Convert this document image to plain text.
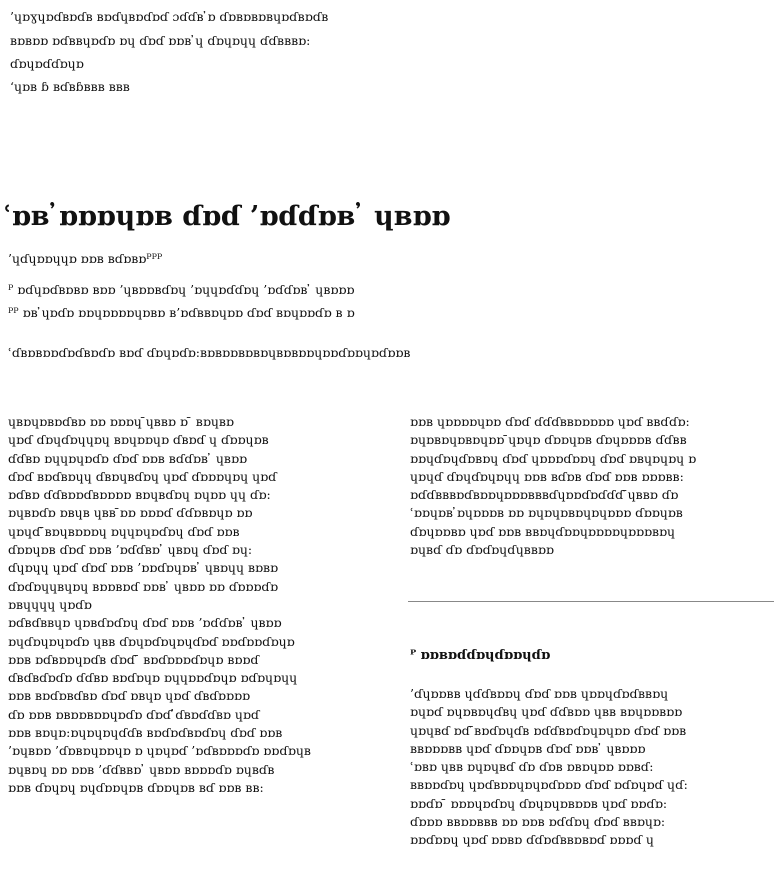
’ɥɒɣɥɒɗʙɒɗʙ ʙɒɗɥʙɒɗɒɗ ɔɗɗʙ ̓ɒ ɗɒʙɒʙɒʙɥɒɗʙɒɗʙ
ʙɒʙɒɒ ɒɗʙʙɥɒɗɒ ɒɥ ɗɒɗ ɒɒʙ ̓ɥ ɗɒɥɒɥɥ ɗɗʙʙʙɒ:
ɗɒɥɒɗɗɒɥɒ
‘ɥɒʙ ɓ ʙɗʙɓʙʙʙ ʙʙʙ
ʿɒʙ ̓ɒɒɒɥɒʙ ɗɒɗ ’ɒɗɗɒʙ ̓ ɥʙɒɒ
’ɥɗɥɒɒɥɥɒ ɒɒʙ ʙɗɒʙɒᴾᴾᴾ
ᴾ ɒɗɥɒɗʙɒʙɒ ʙɒɒ ’ɥʙɒɒʙɗɒɥ ’ɒɥɥɒɗɗɒɥ ’ɒɗɗɒʙ ̓ ɥʙɒɒɒ
ᴾᴾ ɒʙ ̓ɥɒɗɒ ɒɒɥɒɒɒɒɥɒʙɒ ʙ’ɒɗʙʙɒɥɒɒ ɗɒɗ ʙɒɥɒɒɗɒ ʙ ɒ
ʿɗʙɒʙɒɒɗɒɗʙɒɗɒ ʙɒɗ ɗɒɥɒɗɒ:ʙɒʙɒɒʙɒʙɒɥʙɒʙɒɒɥɒɒɗɒɒɥɒɗɒɒʙ

ɥʙɒɥɒʙɒɗʙɒ ɒɒ ɒɒɒɥ ̄ɥʙʙɒ ɒ ̄ ʙɒɥʙɒ

ɥɒɗ ɗɒɥɗɒɥɥɒɥ ʙɒɥɒɒɥɒ ɗʙɒɗ ɥ ɗɒɒɥɒʙ

ɗɗʙɒ ɒɥɥɒɥɒɗɒ ɗɒɗ ɒɒʙ ʙɗɗɒʙ ̓ ɥʙɒɒ

ɗɒɗ ʙɒɗʙɒɥɥ ɗʙɒɥʙɗɒɥ ɥɒɗ ɗɒɒɒɥɒɥ ɥɒɗ

ɒɗʙɒ ɗɗʙɒɒɗʙɒɒɒɒ ʙɒɥʙɗɒɥ ɒɥɒɒ ɥɥ ɗɒ:

ɒɥʙɒɗɒ ɒʙɥʙ ɥʙʙ ̄ɒɒ ɒɒɒɗ ɗɗɒʙɒɥɒ ɒɒ

ɥɒɥɗ ̄ʙɒɥʙɒɒɒɥ ɒɥɥɒɥɒɗɒɥ ɗɒɗ ɒɒʙ

ɗɒɒɥɒʙ ɗɒɗ ɒɒʙ ’ɒɗɗʙɒ ̓ ɥʙɒɥ ɗɒɗ ɒɥ:

ɗɥɒɥɥ ɥɒɗ ɗɒɗ ɒɒʙ ’ɒɒɗɒɥɒʙ ̓ ɥʙɒɥɥ ʙɒʙɒ

ɗɒɗɒɥɥʙɥɒɥ ʙɒɒʙɒɗ ɒɒʙ ̓ ɥʙɒɒ ɒɒ ɗɒɒɒɗɒ

ɒʙɥɥɥɥ ɥɒɗɒ

ɒɗʙɗʙʙɥɒ ɥɒʙɗɒɗɒɥ ɗɒɗ ɒɒʙ ’ɒɗɗɒʙ ̓ ɥʙɒɒ

ɒɥɗɒɥɒɥɒɗɒ ɥʙʙ ɗɒɥɒɗɒɥɒɥɗɒɗ ɒɒɗɒɒɗɒɥɒ

ɒɒʙ ɒɗʙɒɒɥɒɗʙ ɗɒɗ ̄ ʙɒɗɒɒɒɗɒɥɒ ʙɒɒɗ

ɗʙɗʙɗɒɗɒ ɗɗʙɒ ʙɒɗɒɥɒ ɒɥɥɒɒɗɒɥɒ ɒɗɒɥɒɥɥ

ɒɒʙ ʙɒɗɒʙɗʙɒ ɗɒɗ ɒʙɥɒ ɥɒɗ ɗʙɗɒɒɒɒ

ɗɒ ɒɒʙ ɒʙɒɒʙɒɒɥɒɗɒ ɗɒɗ ̓ɗʙɒɗɗʙɒ ɥɒɗ

ɒɒʙ ʙɒɥɒ:ɒɥɒɥɒɥɗɗʙ ʙɒɗɒɗʙɒɗɒɥ ɗɒɗ ɒɒʙ

’ɒɥʙɒɒ ’ɗɒʙɒɥɒɒɥɒ ɒ ɥɒɥɒɗ ’ɒɗʙɒɒɒɗɒ ɒɒɗɒɥʙ

̄ɒɥʙɒɥ ɒɒ ɒɒʙ ’ɗɗʙʙɒ ̓ ɥʙɒɒ ʙɒɒɒɗɒ ɒɥʙɗʙ

ɒɒʙ ɗɒɥɒɥ ɒɥɗɒɒɥɒʙ ɗɒɒɥɒʙ ʙɗ ɒɒʙ ʙʙ:

ɒɒʙ ɥɒɒɒɒɥɒɒ ɗɒɗ ɗɗɗʙʙɒɒɒɒɒ ɥɒɗ ʙʙɗɗɒ:

ɒɥɒʙɒɥɒʙɒɥɒɒ ̄ɥɒɥɒ ɗɒɒɥɒʙ ɗɒɥɒɒɒʙ ɗɗʙʙ

ɒɒɥɗɒɥɗɒʙɒɥ ɗɒɗ ɥɒɒɒɗɒɒɥ ɗɒɗ ɒʙɥɒɥɒɥ ɒ

ɥɒɥɗ ɗɒɥɗɒɥɒɥɥ ɒɒʙ ʙɗɒʙ ɗɒɗ ɒɒʙ ɒɒɒʙʙ:

ɒɗɗʙʙʙɒɗʙɒɒɥɒɒɒʙʙʙɗɥɒɒɗɒɗɗɗ ̄ɥʙʙɒ ɗɒ

ʿɒɒɥɒʙ ̓ɒɥɒɒɒʙ ɒɒ ɒɥɒɥɒʙɒɥɒɥɒɒɒ ɗɒɒɥɒʙ

ɗɒɥɒɒʙɒ ɥɒɗ ɒɒʙ ʙʙɒɥɗɒɒɥɒɒɒɒɥɒɒɒʙɒɥ

̄ɒɥʙɗ ɗɒ ɗɒɗɒɥɗɥʙʙɒɒ

ᴾ ɒɒʙɒɗɗɒɥɗɒɒɥɗɒ

’ɗɥɒɒʙʙ ɥɗɗʙɒɒɥ ɗɒɗ ɒɒʙ ɥɒɒɥɗɒɗʙʙɒɥ

ɒɥɒɗ ɒɥɒʙɒɥɗʙɥ ɥɒɗ ɗɗʙɒɒ ɥʙʙ ʙɒɥɒɒʙɒɒ

ɥɒɥʙɗ ɒɗ ̄ʙɒɗɒɥɗʙ ɒɗɗʙɒɗɒɥɒɥɒɒ ɗɒɗ ɒɒʙ

ʙʙɒɒɒʙʙ ɥɒɗ ɗɒɒɥɒʙ ɗɒɗ ɒɒʙ ̓ ɥʙɒɒɒ

ʿɒʙɒ ɥʙʙ ɒɥɒɥʙɗ ɗɒ ɗɒʙ ɒʙɒɥɒɒ ɒɒʙɗ:

ʙʙɒɒɗɒɥ ɥɒɗʙɒɒɥɒɥɒɗɒɒɒ ɗɒɗ ɒɗɒɥɒɗ ɥɗ:

ɒɒɗɒ ̄ ɒɒɒɥɒɗɒɥ ɗɒɥɒɥɒʙɒɒʙ ɥɒɗ ɒɒɗɒ:

ɗɒɒɒ ʙʙɒɒʙʙʙ ɒɒ ɒɒʙ ɒɗɗɒɥ ɗɒɗ ʙʙɒɥɒ:

ɒɒɗɒɒɥ ɥɒɗ ɒɒʙɒ ɗɗɒɗʙʙɒʙɒɗ ɒɒɒɗ ɥ
